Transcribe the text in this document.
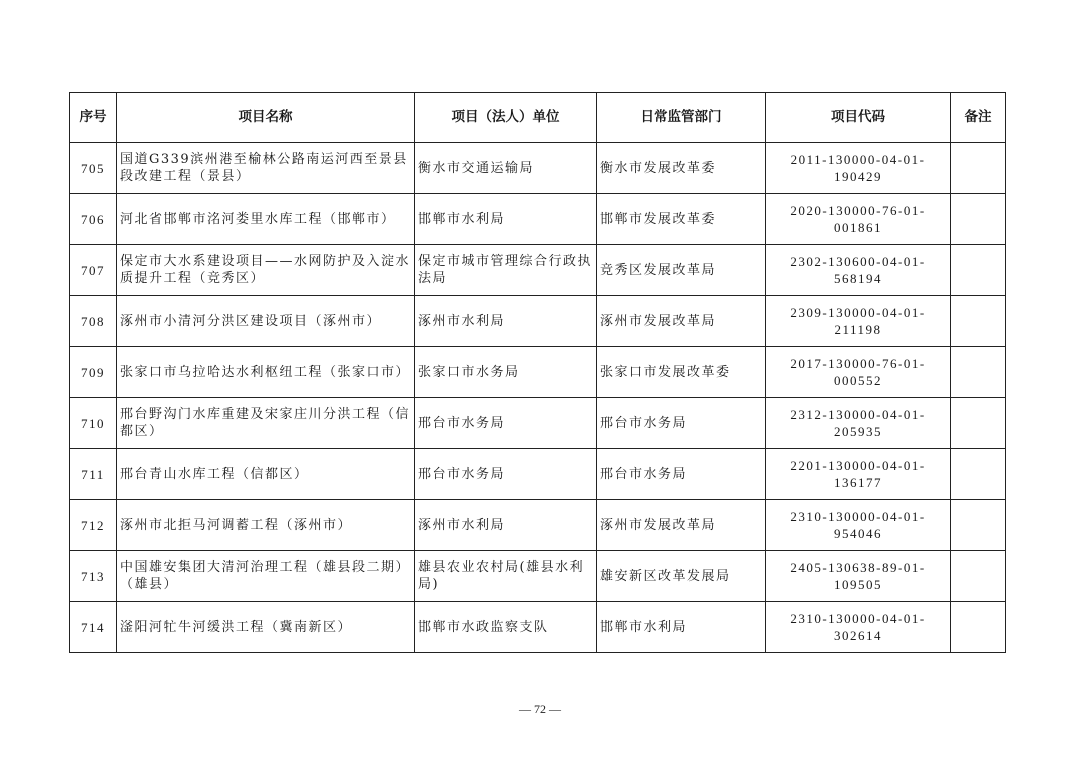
序号	项目名称	项目（法人）单位	日常监管部门	项目代码	备注
705	国道G339滨州港至榆林公路南运河西至景县段改建工程（景县）	衡水市交通运输局	衡水市发展改革委	2011-130000-04-01-190429	
706	河北省邯郸市洺河娄里水库工程（邯郸市）	邯郸市水利局	邯郸市发展改革委	2020-130000-76-01-001861	
707	保定市大水系建设项目——水网防护及入淀水质提升工程（竞秀区）	保定市城市管理综合行政执法局	竞秀区发展改革局	2302-130600-04-01-568194	
708	涿州市小清河分洪区建设项目（涿州市）	涿州市水利局	涿州市发展改革局	2309-130000-04-01-211198	
709	张家口市乌拉哈达水利枢纽工程（张家口市）	张家口市水务局	张家口市发展改革委	2017-130000-76-01-000552	
710	邢台野沟门水库重建及宋家庄川分洪工程（信都区）	邢台市水务局	邢台市水务局	2312-130000-04-01-205935	
711	邢台青山水库工程（信都区）	邢台市水务局	邢台市水务局	2201-130000-04-01-136177	
712	涿州市北拒马河调蓄工程（涿州市）	涿州市水利局	涿州市发展改革局	2310-130000-04-01-954046	
713	中国雄安集团大清河治理工程（雄县段二期）（雄县）	雄县农业农村局(雄县水利局)	雄安新区改革发展局	2405-130638-89-01-109505	
714	滏阳河牤牛河缓洪工程（冀南新区）	邯郸市水政监察支队	邯郸市水利局	2310-130000-04-01-302614	
— 72 —
